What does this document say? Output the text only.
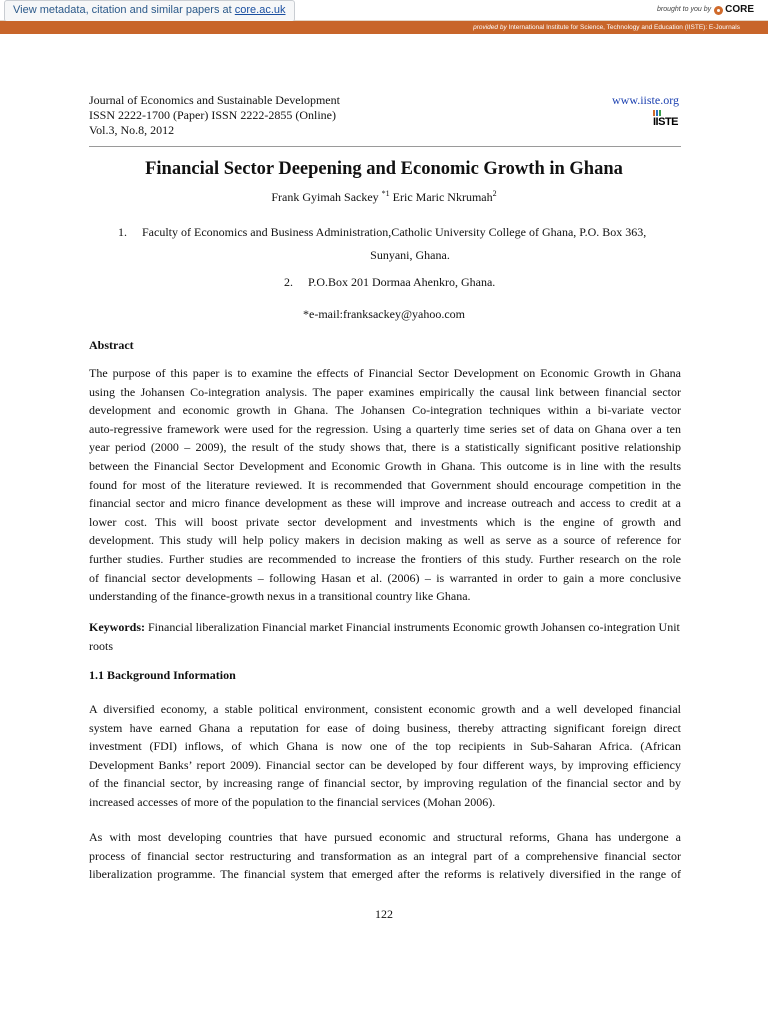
View metadata, citation and similar papers at core.ac.uk	brought to you by CORE
provided by International Institute for Science, Technology and Education (IISTE): E-Journals
Journal of Economics and Sustainable Development
ISSN 2222-1700 (Paper) ISSN 2222-2855 (Online)
Vol.3, No.8, 2012
www.iiste.org
IISTE
Financial Sector Deepening and Economic Growth in Ghana
Frank Gyimah Sackey $^{*1}$ Eric Maric Nkrumah$^2$
1. Faculty of Economics and Business Administration,Catholic University College of Ghana, P.O. Box 363,
Sunyani, Ghana.
2. P.O.Box 201 Dormaa Ahenkro, Ghana.
*e-mail:franksackey@yahoo.com
Abstract
The purpose of this paper is to examine the effects of Financial Sector Development on Economic Growth in Ghana
using the Johansen Co-integration analysis. The paper examines empirically the causal link between financial sector
development and economic growth in Ghana. The Johansen Co-integration techniques within a bi-variate vector
auto-regressive framework were used for the regression. Using a quarterly time series set of data on Ghana over a ten
year period (2000 – 2009), the result of the study shows that, there is a statistically significant positive relationship
between the Financial Sector Development and Economic Growth in Ghana. This outcome is in line with the results
found for most of the literature reviewed. It is recommended that Government should encourage competition in the
financial sector and micro finance development as these will improve and increase outreach and access to credit at a
lower cost. This will boost private sector development and investments which is the engine of growth and
development. This study will help policy makers in decision making as well as serve as a source of reference for
further studies. Further studies are recommended to increase the frontiers of this study. Further research on the role
of financial sector developments – following Hasan et al. (2006) – is warranted in order to gain a more conclusive
understanding of the finance-growth nexus in a transitional country like Ghana.
Keywords: Financial liberalization Financial market Financial instruments Economic growth Johansen co-integration Unit roots
1.1 Background Information
A diversified economy, a stable political environment, consistent economic growth and a well developed financial
system have earned Ghana a reputation for ease of doing business, thereby attracting significant foreign direct
investment (FDI) inflows, of which Ghana is now one of the top recipients in Sub-Saharan Africa. (African
Development Banks’ report 2009). Financial sector can be developed by four different ways, by improving efficiency
of the financial sector, by increasing range of financial sector, by improving regulation of the financial sector and by
increased accesses of more of the population to the financial services (Mohan 2006).
As with most developing countries that have pursued economic and structural reforms, Ghana has undergone a
process of financial sector restructuring and transformation as an integral part of a comprehensive financial sector
liberalization programme. The financial system that emerged after the reforms is relatively diversified in the range of
122
